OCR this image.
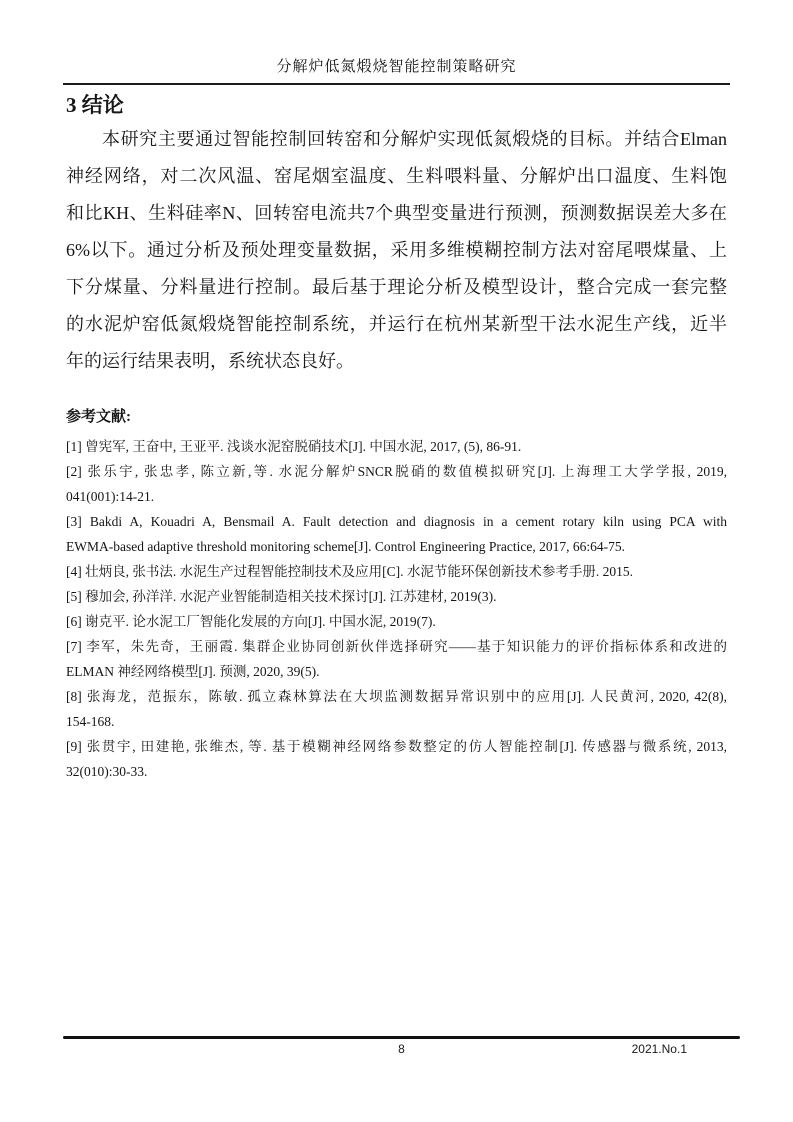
分解炉低氮煅烧智能控制策略研究
3 结论
本研究主要通过智能控制回转窑和分解炉实现低氮煅烧的目标。并结合Elman
神经网络，对二次风温、窑尾烟室温度、生料喂料量、分解炉出口温度、生料饱
和比KH、生料硅率N、回转窑电流共7个典型变量进行预测，预测数据误差大多在
6%以下。通过分析及预处理变量数据，采用多维模糊控制方法对窑尾喂煤量、上
下分煤量、分料量进行控制。最后基于理论分析及模型设计，整合完成一套完整
的水泥炉窑低氮煅烧智能控制系统，并运行在杭州某新型干法水泥生产线，近半
年的运行结果表明，系统状态良好。
参考文献:
[1] 曾宪军, 王奋中, 王亚平. 浅谈水泥窑脱硝技术[J]. 中国水泥, 2017, (5), 86-91.
[2] 张乐宇, 张忠孝, 陈立新,等. 水泥分解炉SNCR脱硝的数值模拟研究[J]. 上海理工大学学报, 2019,
041(001):14-21.
[3] Bakdi A, Kouadri A, Bensmail A. Fault detection and diagnosis in a cement rotary kiln using PCA with
EWMA-based adaptive threshold monitoring scheme[J]. Control Engineering Practice, 2017, 66:64-75.
[4] 壮炳良, 张书法. 水泥生产过程智能控制技术及应用[C]. 水泥节能环保创新技术参考手册. 2015.
[5] 穆加会, 孙洋洋. 水泥产业智能制造相关技术探讨[J]. 江苏建材, 2019(3).
[6] 谢克平. 论水泥工厂智能化发展的方向[J]. 中国水泥, 2019(7).
[7] 李军，朱先奇，王丽霞. 集群企业协同创新伙伴选择研究——基于知识能力的评价指标体系和改进的
ELMAN 神经网络模型[J]. 预测, 2020, 39(5).
[8] 张海龙，范振东，陈敏. 孤立森林算法在大坝监测数据异常识别中的应用[J]. 人民黄河, 2020, 42(8),
154-168.
[9] 张贯宇, 田建艳, 张维杰, 等. 基于模糊神经网络参数整定的仿人智能控制[J]. 传感器与微系统, 2013,
32(010):30-33.
8	2021.No.1
